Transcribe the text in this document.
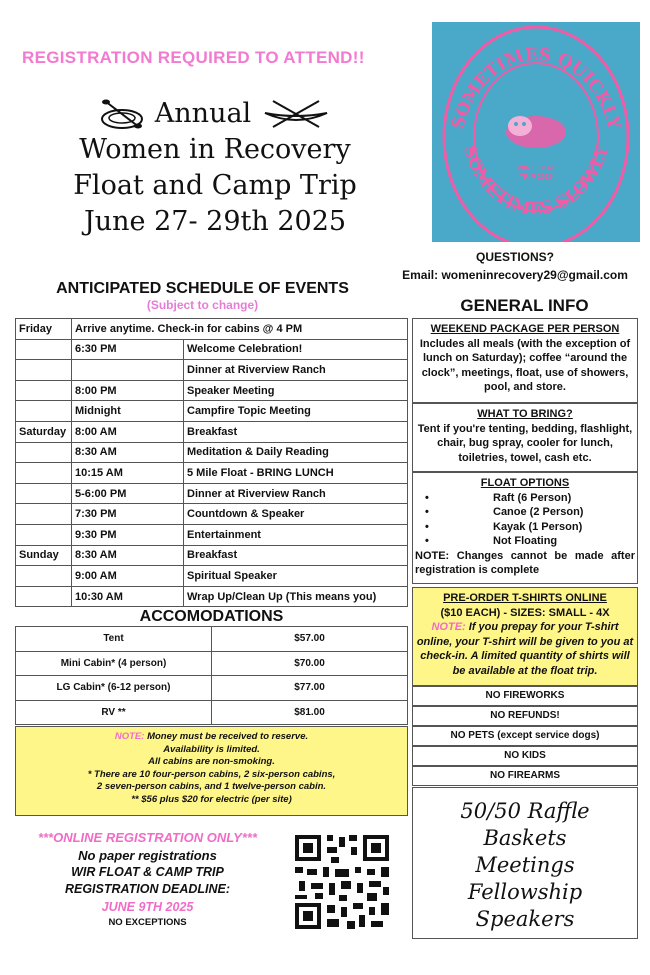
REGISTRATION REQUIRED TO ATTEND!!
Annual
Women in Recovery
Float and Camp Trip
June 27- 29th 2025
SOMETIMES QUICKLY
SOMETIMES SLOWLY
WIR FLOAT
TRIP 2025
QUESTIONS?
Email: womeninrecovery29@gmail.com
ANTICIPATED SCHEDULE OF EVENTS
(Subject to change)
Friday	Arrive anytime. Check-in for cabins @ 4 PM	
	6:30 PM	Welcome Celebration!
		Dinner at Riverview Ranch
	8:00 PM	Speaker Meeting
	Midnight	Campfire Topic Meeting
Saturday	8:00 AM	Breakfast
	8:30 AM	Meditation & Daily Reading
	10:15 AM	5 Mile Float - BRING LUNCH
	5-6:00 PM	Dinner at Riverview Ranch
	7:30 PM	Countdown & Speaker
	9:30 PM	Entertainment
Sunday	8:30 AM	Breakfast
	9:00 AM	Spiritual Speaker
	10:30 AM	Wrap Up/Clean Up (This means you)
ACCOMODATIONS
Tent	$57.00
Mini Cabin* (4 person)	$70.00
LG Cabin* (6-12 person)	$77.00
RV **	$81.00
NOTE: Money must be received to reserve.
Availability is limited.
All cabins are non-smoking.
* There are 10 four-person cabins, 2 six-person cabins,
2 seven-person cabins, and 1 twelve-person cabin.
** $56 plus $20 for electric (per site)
***ONLINE REGISTRATION ONLY***
No paper registrations
WIR FLOAT & CAMP TRIP
REGISTRATION DEADLINE:
JUNE 9TH 2025
NO EXCEPTIONS
GENERAL INFO
WEEKEND PACKAGE PER PERSON
Includes all meals (with the exception of lunch on Saturday); coffee “around the clock”, meetings, float, use of showers, pool, and store.
WHAT TO BRING?
Tent if you're tenting, bedding, flashlight, chair, bug spray, cooler for lunch, toiletries, towel, cash etc.
FLOAT OPTIONS
•	Raft (6 Person)
•	Canoe (2 Person)
•	Kayak (1 Person)
•	Not Floating
NOTE: Changes cannot be made after registration is complete
PRE-ORDER T-SHIRTS ONLINE
($10 EACH) - SIZES: SMALL - 4X
NOTE: If you prepay for your T-shirt online, your T-shirt will be given to you at check-in. A limited quantity of shirts will be available at the float trip.
NO FIREWORKS
NO REFUNDS!
NO PETS (except service dogs)
NO KIDS
NO FIREARMS
50/50 Raffle
Baskets
Meetings
Fellowship
Speakers
